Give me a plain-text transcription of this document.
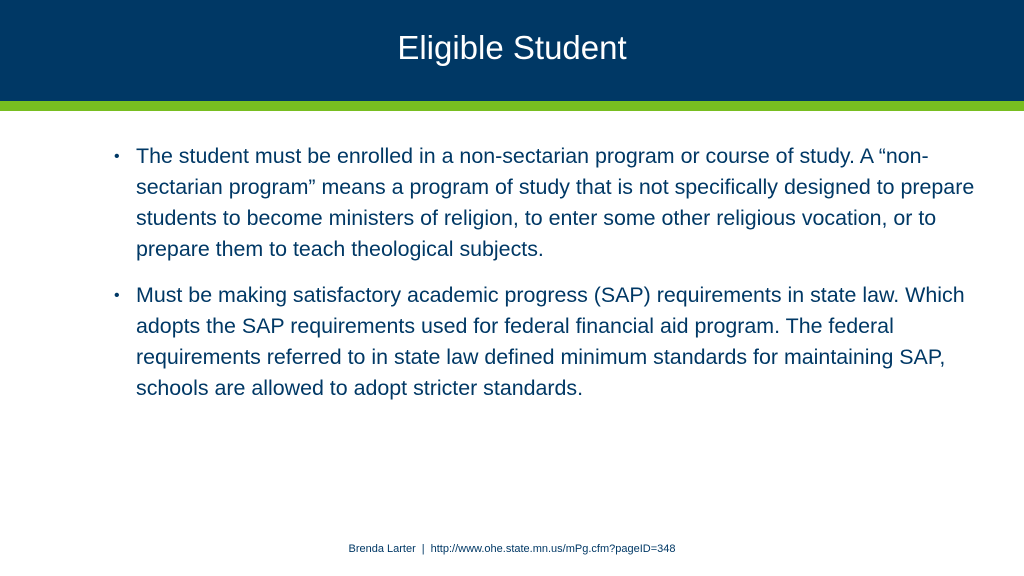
Eligible Student
• The student must be enrolled in a non-sectarian program or course of study. A “non-sectarian program” means a program of study that is not specifically designed to prepare students to become ministers of religion, to enter some other religious vocation, or to prepare them to teach theological subjects.
• Must be making satisfactory academic progress (SAP) requirements in state law. Which adopts the SAP requirements used for federal financial aid program. The federal requirements referred to in state law defined minimum standards for maintaining SAP, schools are allowed to adopt stricter standards.
Brenda Larter | http://www.ohe.state.mn.us/mPg.cfm?pageID=348
